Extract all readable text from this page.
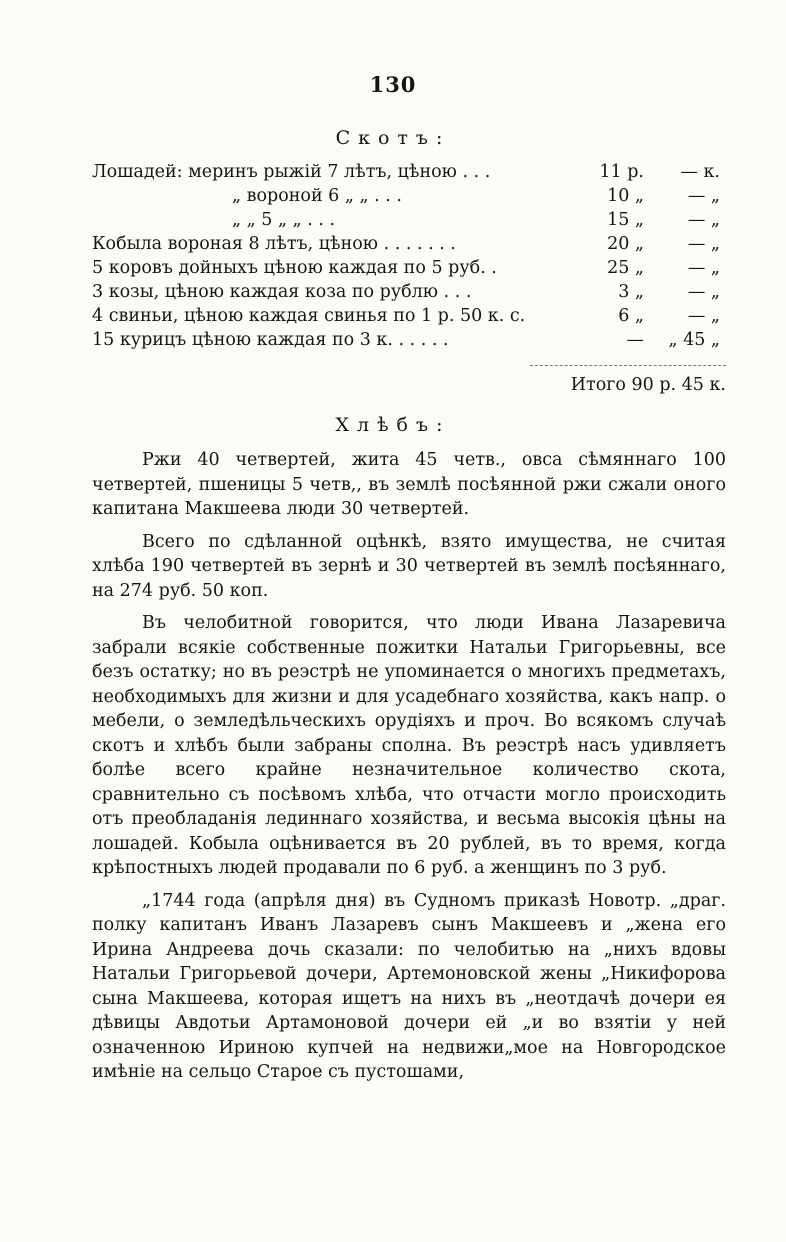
130
Скотъ:
Лошадей: меринъ рыжій 7 лѣтъ, цѣною . . .	11 р. — к.
„ вороной 6 „ „ . . .	10 „	— „
„ „ 5 „ „ . . .	15 „	— „
Кобыла вороная 8 лѣтъ, цѣною . . . . . . .	20 „	— „
5 коровъ дойныхъ цѣною каждая по 5 руб. .	25 „	— „
3 козы, цѣною каждая коза по рублю . . .	3 „	— „
4 свиньи, цѣною каждая свинья по 1 р. 50 к. с.	6 „	— „
15 курицъ цѣною каждая по 3 к. . . . . .	— „ 45 „
Итого 90 р. 45 к.
Хлѣбъ:

Ржи 40 четвертей, жита 45 четв., овса сѣмяннаго 100 четвертей, пшеницы 5 четв,, въ землѣ посѣянной ржи сжали оного капитана Макшеева люди 30 четвертей.

Всего по сдѣланной оцѣнкѣ, взято имущества, не считая хлѣба 190 четвертей въ зернѣ и 30 четвертей въ землѣ посѣяннаго, на 274 руб. 50 коп.

Въ челобитной говорится, что люди Ивана Лазаревича забрали всякіе собственные пожитки Натальи Григорьевны, все безъ остатку; но въ реэстрѣ не упоминается о многихъ предметахъ, необходимыхъ для жизни и для усадебнаго хозяйства, какъ напр. о мебели, о земледѣльческихъ орудіяхъ и проч. Во всякомъ случаѣ скотъ и хлѣбъ были забраны сполна. Въ реэстрѣ насъ удивляетъ болѣе всего крайне незначительное количество скота, сравнительно съ посѣвомъ хлѣба, что отчасти могло происходить отъ преобладанія лединнаго хозяйства, и весьма высокія цѣны на лошадей. Кобыла оцѣнивается въ 20 рублей, въ то время, когда крѣпостныхъ людей продавали по 6 руб. а женщинъ по 3 руб.

„1744 года (апрѣля дня) въ Судномъ приказѣ Новотр. „драг. полку капитанъ Иванъ Лазаревъ сынъ Макшеевъ и „жена его Ирина Андреева дочь сказали: по челобитью на „нихъ вдовы Натальи Григорьевой дочери, Артемоновской жены „Никифорова сына Макшеева, которая ищетъ на нихъ въ „неотдачѣ дочери ея дѣвицы Авдотьи Артамоновой дочери ей „и во взятіи у ней означенною Ириною купчей на недвижи„мое на Новгородское имѣніе на сельцо Старое съ пустошами,
